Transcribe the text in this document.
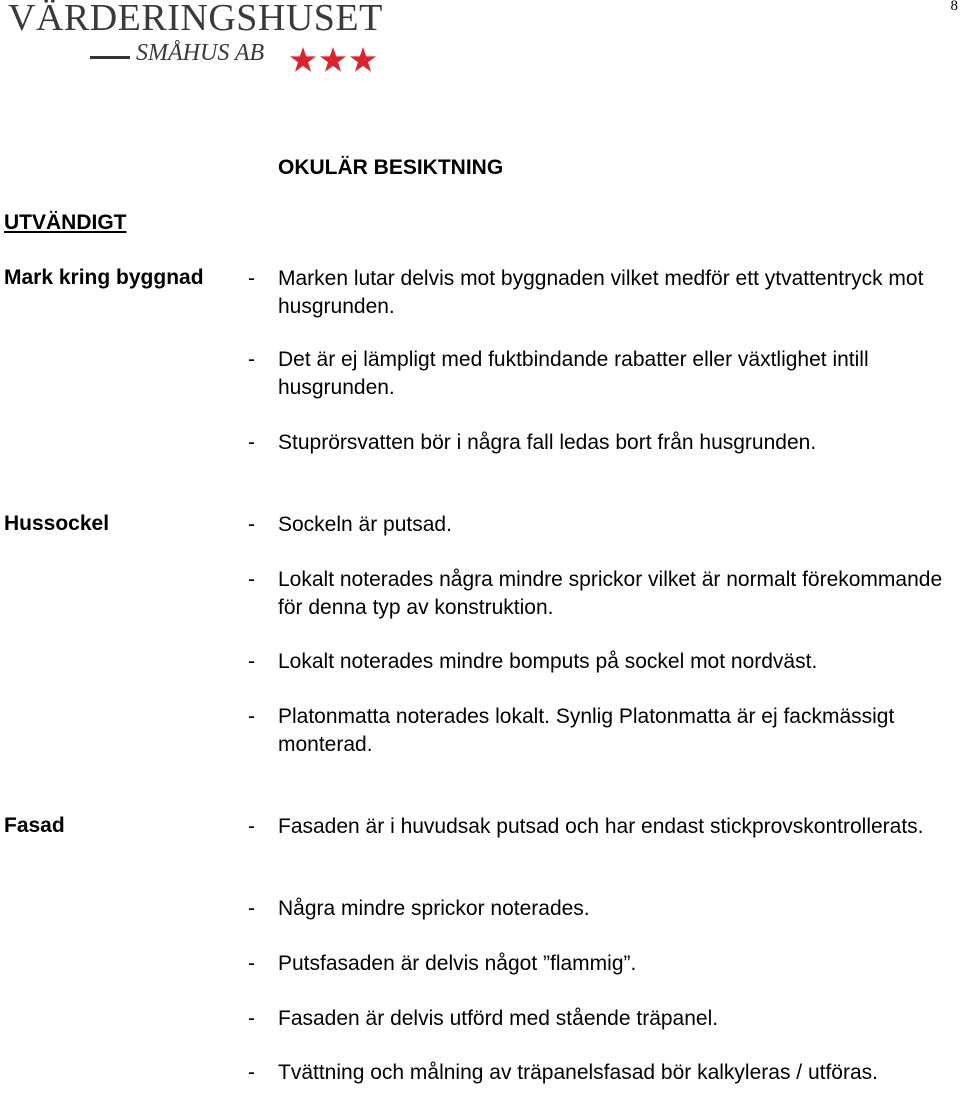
8
VÄRDERINGSHUSET
SMÅHUS AB
OKULÄR BESIKTNING
UTVÄNDIGT
Mark kring byggnad - Marken lutar delvis mot byggnaden vilket medför ett ytvattentryck mot husgrunden.
- Det är ej lämpligt med fuktbindande rabatter eller växtlighet intill husgrunden.
- Stuprörsvatten bör i några fall ledas bort från husgrunden.
Hussockel	- Sockeln är putsad.
- Lokalt noterades några mindre sprickor vilket är normalt förekommande för denna typ av konstruktion.
- Lokalt noterades mindre bomputs på sockel mot nordväst.
- Platonmatta noterades lokalt. Synlig Platonmatta är ej fackmässigt monterad.
Fasad	- Fasaden är i huvudsak putsad och har endast stickprovskontrollerats.
- Några mindre sprickor noterades.
- Putsfasaden är delvis något ”flammig”.
- Fasaden är delvis utförd med stående träpanel.
- Tvättning och målning av träpanelsfasad bör kalkyleras / utföras.
